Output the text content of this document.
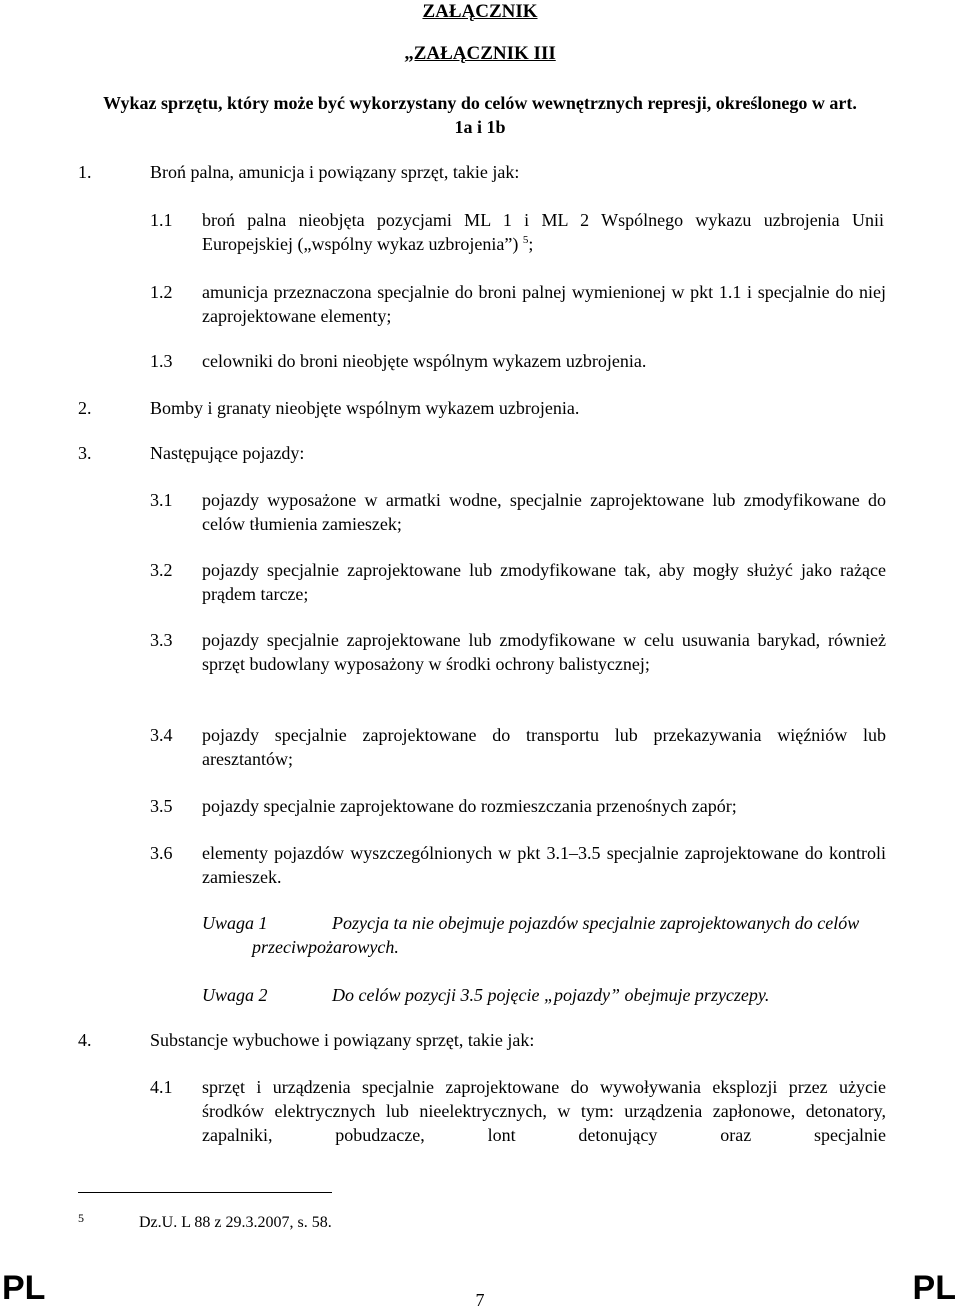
ZAŁĄCZNIK
„ZAŁĄCZNIK III
Wykaz sprzętu, który może być wykorzystany do celów wewnętrznych represji, określonego w art. 1a i 1b
1.	Broń palna, amunicja i powiązany sprzęt, takie jak:
1.1 broń palna nieobjęta pozycjami ML 1 i ML 2 Wspólnego wykazu uzbrojenia Unii Europejskiej („wspólny wykaz uzbrojenia”) $^5$;
1.2 amunicja przeznaczona specjalnie do broni palnej wymienionej w pkt 1.1 i specjalnie do niej zaprojektowane elementy;
1.3 celowniki do broni nieobjęte wspólnym wykazem uzbrojenia.
2.	Bomby i granaty nieobjęte wspólnym wykazem uzbrojenia.
3.	Następujące pojazdy:
3.1 pojazdy wyposażone w armatki wodne, specjalnie zaprojektowane lub zmodyfikowane do celów tłumienia zamieszek;
3.2 pojazdy specjalnie zaprojektowane lub zmodyfikowane tak, aby mogły służyć jako rażące prądem tarcze;
3.3 pojazdy specjalnie zaprojektowane lub zmodyfikowane w celu usuwania barykad, również sprzęt budowlany wyposażony w środki ochrony balistycznej;
3.4 pojazdy specjalnie zaprojektowane do transportu lub przekazywania więźniów lub aresztantów;
3.5 pojazdy specjalnie zaprojektowane do rozmieszczania przenośnych zapór;
3.6 elementy pojazdów wyszczególnionych w pkt 3.1–3.5 specjalnie zaprojektowane do kontroli zamieszek.
Uwaga 1	Pozycja ta nie obejmuje pojazdów specjalnie zaprojektowanych do celów przeciwpożarowych.
Uwaga 2	Do celów pozycji 3.5 pojęcie „pojazdy” obejmuje przyczepy.
4.	Substancje wybuchowe i powiązany sprzęt, takie jak:
4.1 sprzęt i urządzenia specjalnie zaprojektowane do wywoływania eksplozji przez użycie środków elektrycznych lub nieelektrycznych, w tym: urządzenia zapłonowe, detonatory, zapalniki, pobudzacze, lont detonujący oraz specjalnie
5	Dz.U. L 88 z 29.3.2007, s. 58.
PL	7	PL
